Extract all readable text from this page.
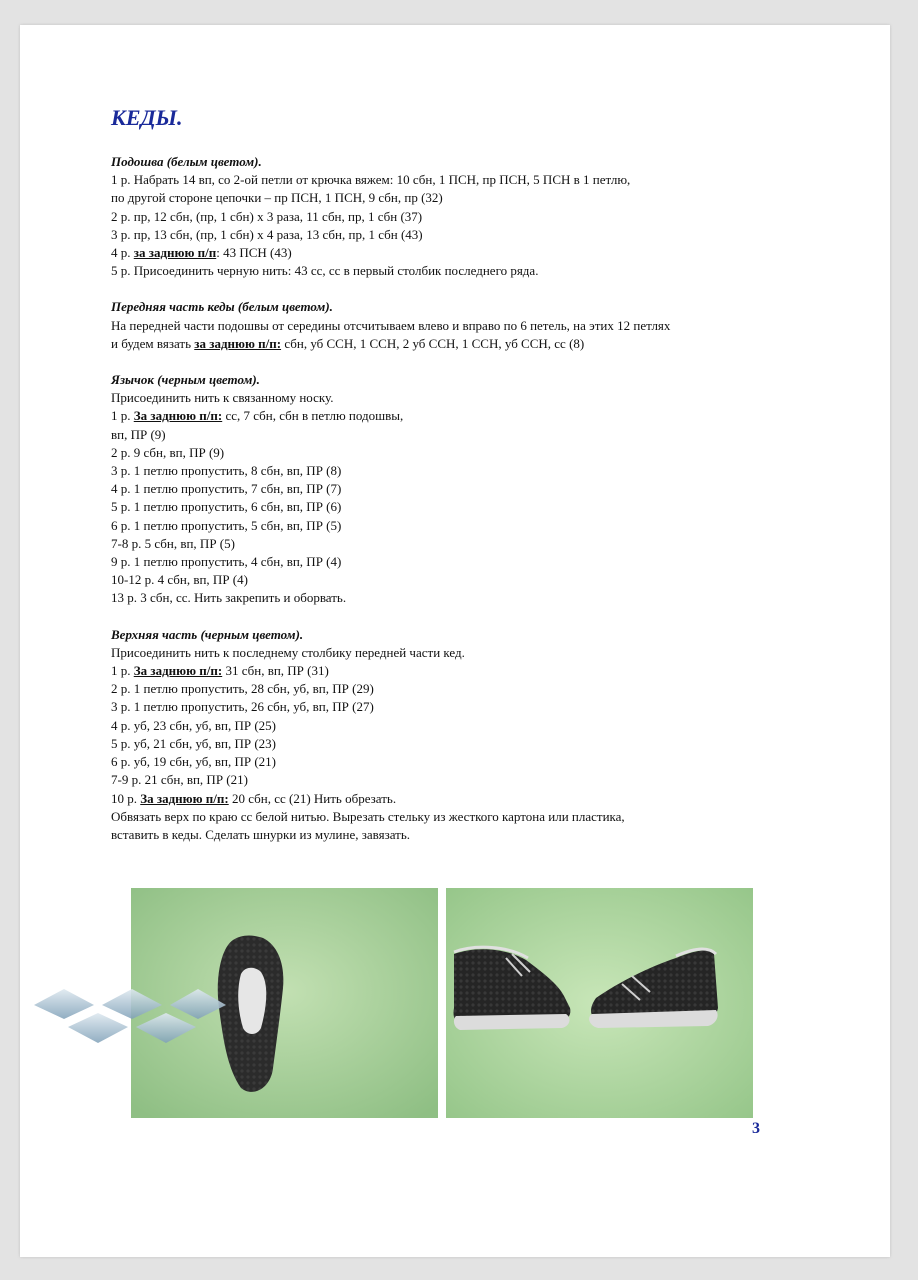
КЕДЫ.
Подошва (белым цветом).
1 р. Набрать 14 вп, со 2-ой петли от крючка вяжем: 10 сбн, 1 ПСН, пр ПСН, 5 ПСН в 1 петлю,
по другой стороне цепочки – пр ПСН, 1 ПСН, 9 сбн, пр (32)
2 р. пр, 12 сбн, (пр, 1 сбн) х 3 раза, 11 сбн, пр, 1 сбн (37)
3 р. пр, 13 сбн, (пр, 1 сбн) х 4 раза, 13 сбн, пр, 1 сбн (43)
4 р. за заднюю п/п: 43 ПСН (43)
5 р. Присоединить черную нить: 43 сс, сс в первый столбик последнего ряда.
Передняя часть кеды (белым цветом).
На передней части подошвы от середины отсчитываем влево и вправо по 6 петель, на этих 12 петлях
и будем вязать за заднюю п/п: сбн, уб ССН, 1 ССН, 2 уб ССН, 1 ССН, уб ССН, сс (8)
Язычок (черным цветом).
Присоединить нить к связанному носку.
1 р. За заднюю п/п: сс, 7 сбн, сбн в петлю подошвы,
вп, ПР (9)
2 р. 9 сбн, вп, ПР (9)
3 р. 1 петлю пропустить, 8 сбн, вп, ПР (8)
4 р. 1 петлю пропустить, 7 сбн, вп, ПР (7)
5 р. 1 петлю пропустить, 6 сбн, вп, ПР (6)
6 р. 1 петлю пропустить, 5 сбн, вп, ПР (5)
7-8 р. 5 сбн, вп, ПР (5)
9 р. 1 петлю пропустить, 4 сбн, вп, ПР (4)
10-12 р. 4 сбн, вп, ПР (4)
13 р. 3 сбн, сс. Нить закрепить и оборвать.
Верхняя часть (черным цветом).
Присоединить нить к последнему столбику передней части кед.
1 р. За заднюю п/п: 31 сбн, вп, ПР (31)
2 р. 1 петлю пропустить, 28 сбн, уб, вп, ПР (29)
3 р. 1 петлю пропустить, 26 сбн, уб, вп, ПР (27)
4 р. уб, 23 сбн, уб, вп, ПР (25)
5 р. уб, 21 сбн, уб, вп, ПР (23)
6 р. уб, 19 сбн, уб, вп, ПР (21)
7-9 р. 21 сбн, вп, ПР (21)
10 р. За заднюю п/п: 20 сбн, сс (21) Нить обрезать.
Обвязать верх по краю сс белой нитью. Вырезать стельку из жесткого картона или пластика,
вставить в кеды. Сделать шнурки из мулине, завязать.
3
